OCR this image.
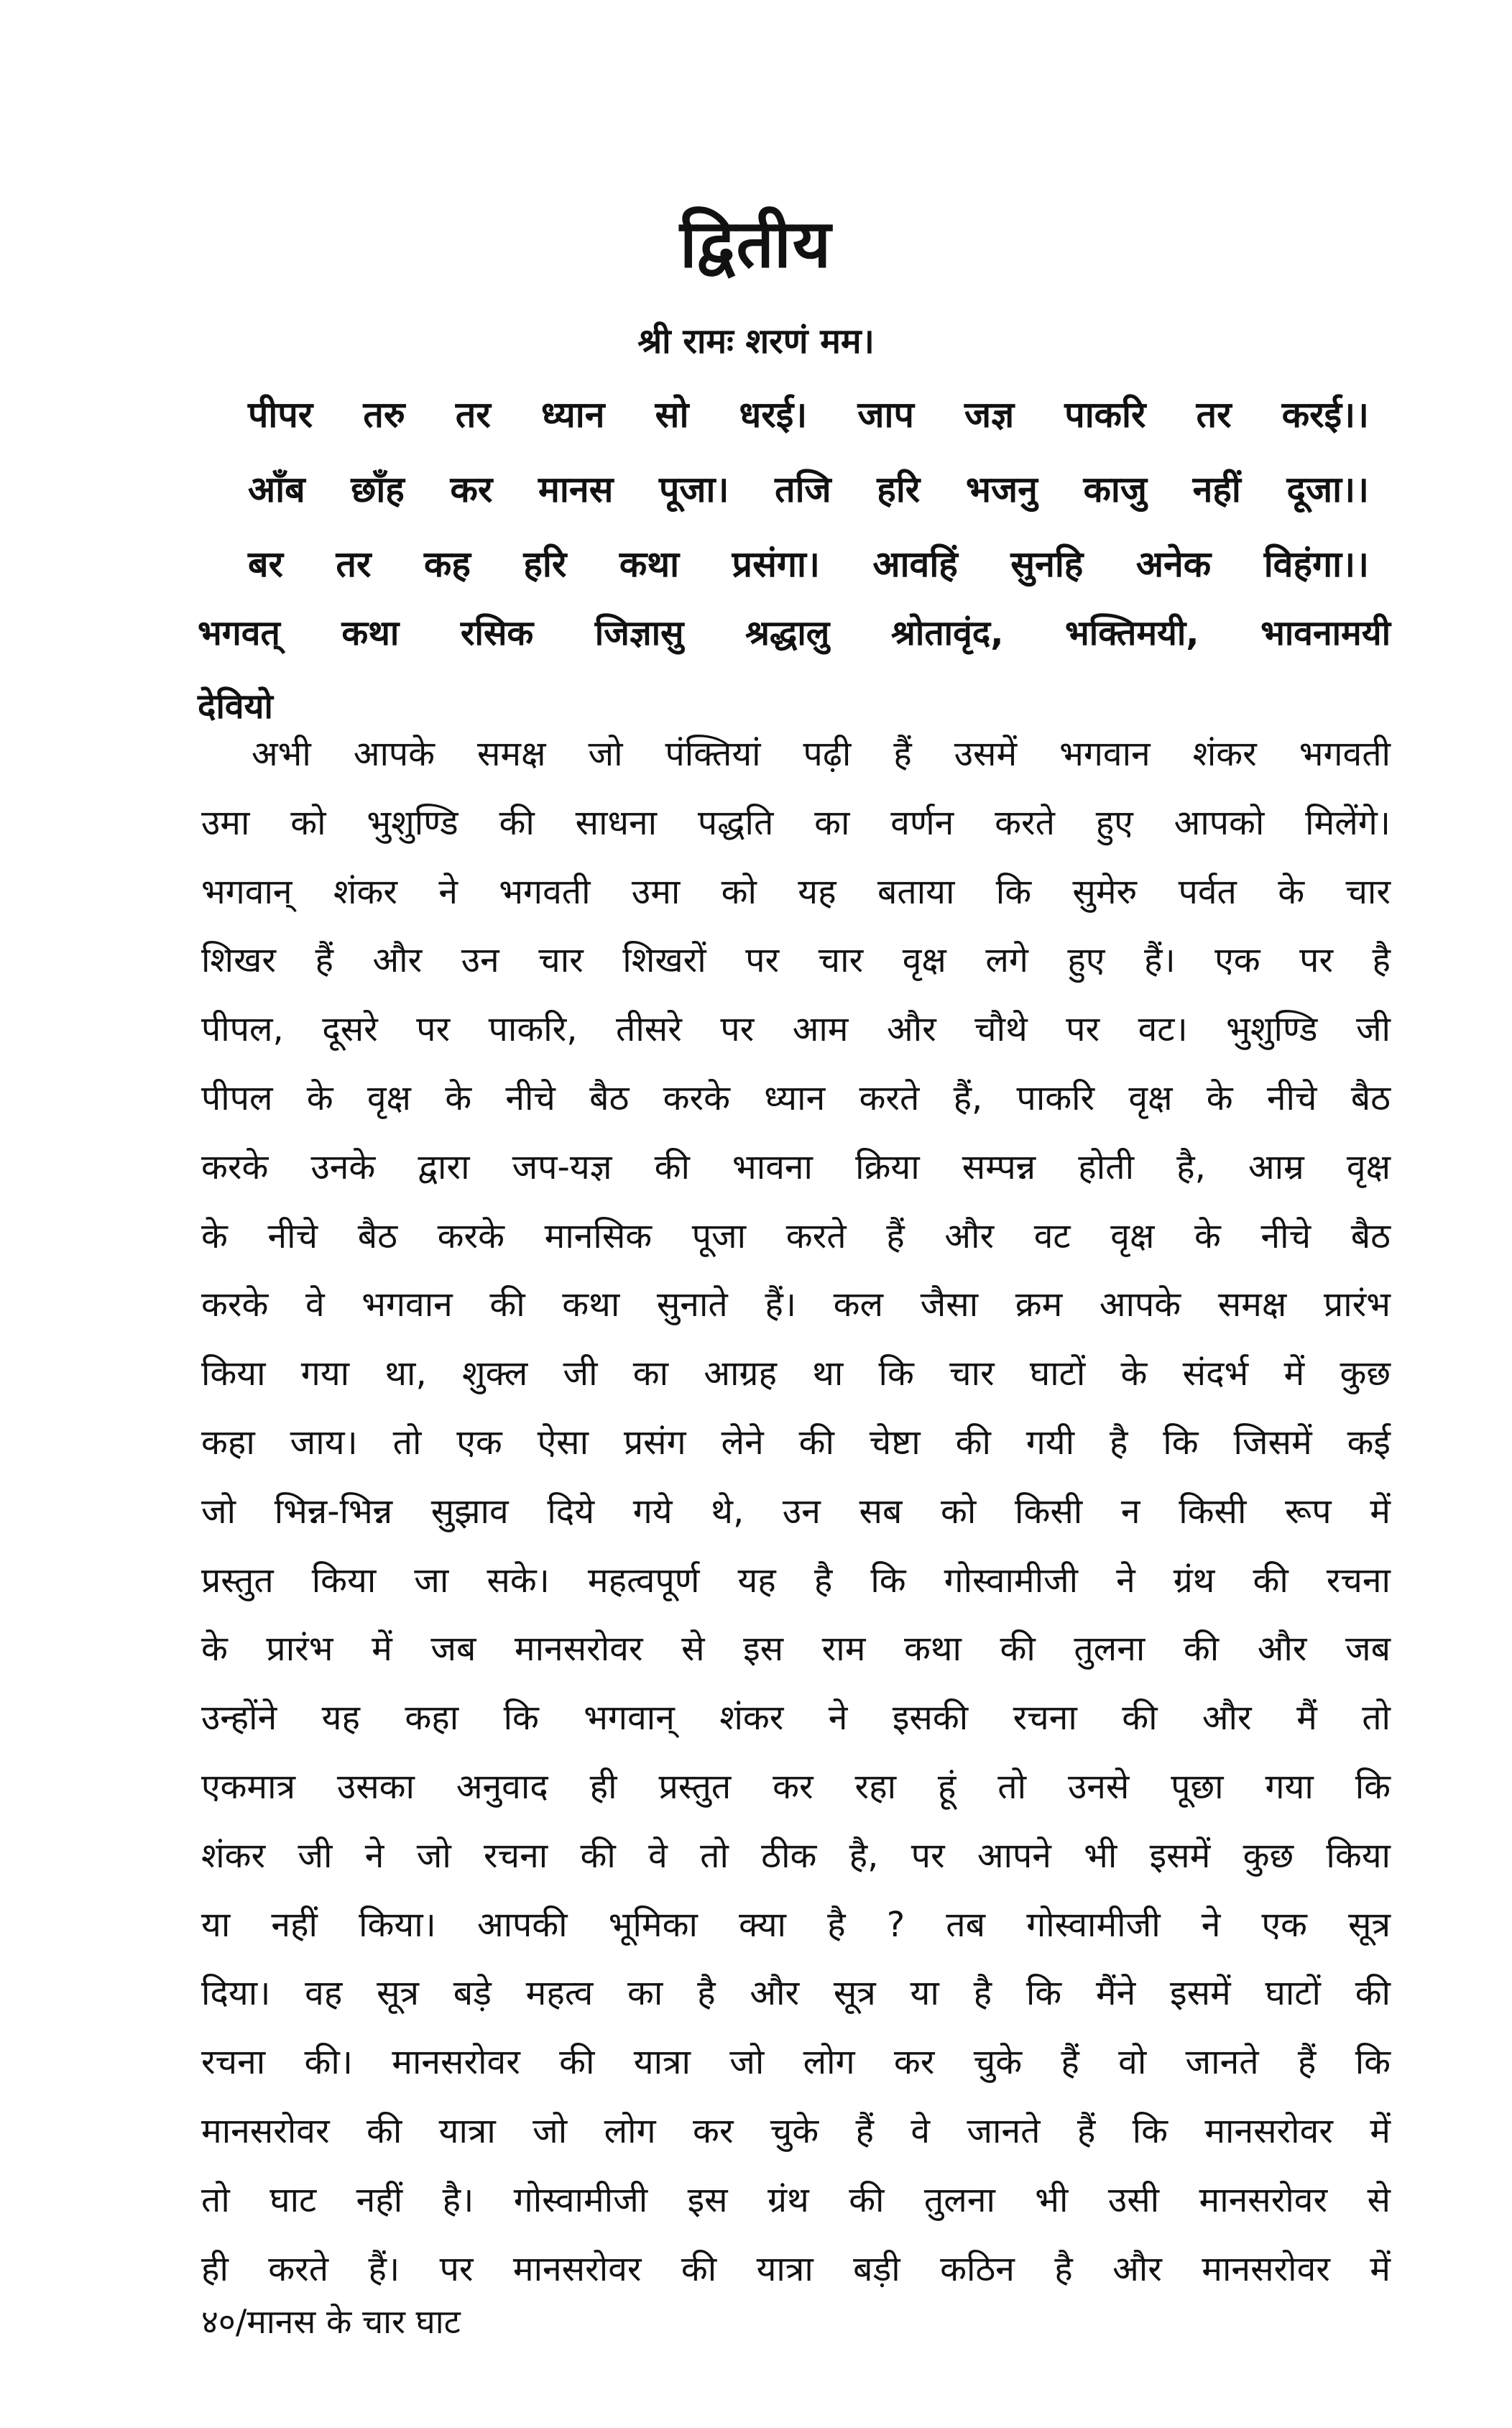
द्वितीय
श्री रामः शरणं मम।
पीपर तरु तर ध्यान सो धरई। जाप जज्ञ पाकरि तर करई।।
आँब छाँह कर मानस पूजा। तजि हरि भजनु काजु नहीं दूजा।।
बर तर कह हरि कथा प्रसंगा। आवहिं सुनहि अनेक विहंगा।।
भगवत् कथा रसिक जिज्ञासु श्रद्धालु श्रोतावृंद, भक्तिमयी, भावनामयी
देवियो
अभी आपके समक्ष जो पंक्तियां पढ़ी हैं उसमें भगवान शंकर भगवती
उमा को भुशुण्डि की साधना पद्धति का वर्णन करते हुए आपको मिलेंगे।
भगवान् शंकर ने भगवती उमा को यह बताया कि सुमेरु पर्वत के चार
शिखर हैं और उन चार शिखरों पर चार वृक्ष लगे हुए हैं। एक पर है
पीपल, दूसरे पर पाकरि, तीसरे पर आम और चौथे पर वट। भुशुण्डि जी
पीपल के वृक्ष के नीचे बैठ करके ध्यान करते हैं, पाकरि वृक्ष के नीचे बैठ
करके उनके द्वारा जप-यज्ञ की भावना क्रिया सम्पन्न होती है, आम्र वृक्ष
के नीचे बैठ करके मानसिक पूजा करते हैं और वट वृक्ष के नीचे बैठ
करके वे भगवान की कथा सुनाते हैं। कल जैसा क्रम आपके समक्ष प्रारंभ
किया गया था, शुक्ल जी का आग्रह था कि चार घाटों के संदर्भ में कुछ
कहा जाय। तो एक ऐसा प्रसंग लेने की चेष्टा की गयी है कि जिसमें कई
जो भिन्न-भिन्न सुझाव दिये गये थे, उन सब को किसी न किसी रूप में
प्रस्तुत किया जा सके। महत्वपूर्ण यह है कि गोस्वामीजी ने ग्रंथ की रचना
के प्रारंभ में जब मानसरोवर से इस राम कथा की तुलना की और जब
उन्होंने यह कहा कि भगवान् शंकर ने इसकी रचना की और मैं तो
एकमात्र उसका अनुवाद ही प्रस्तुत कर रहा हूं तो उनसे पूछा गया कि
शंकर जी ने जो रचना की वे तो ठीक है, पर आपने भी इसमें कुछ किया
या नहीं किया। आपकी भूमिका क्या है ? तब गोस्वामीजी ने एक सूत्र
दिया। वह सूत्र बड़े महत्व का है और सूत्र या है कि मैंने इसमें घाटों की
रचना की। मानसरोवर की यात्रा जो लोग कर चुके हैं वो जानते हैं कि
मानसरोवर की यात्रा जो लोग कर चुके हैं वे जानते हैं कि मानसरोवर में
तो घाट नहीं है। गोस्वामीजी इस ग्रंथ की तुलना भी उसी मानसरोवर से
ही करते हैं। पर मानसरोवर की यात्रा बड़ी कठिन है और मानसरोवर में
४०/मानस के चार घाट
